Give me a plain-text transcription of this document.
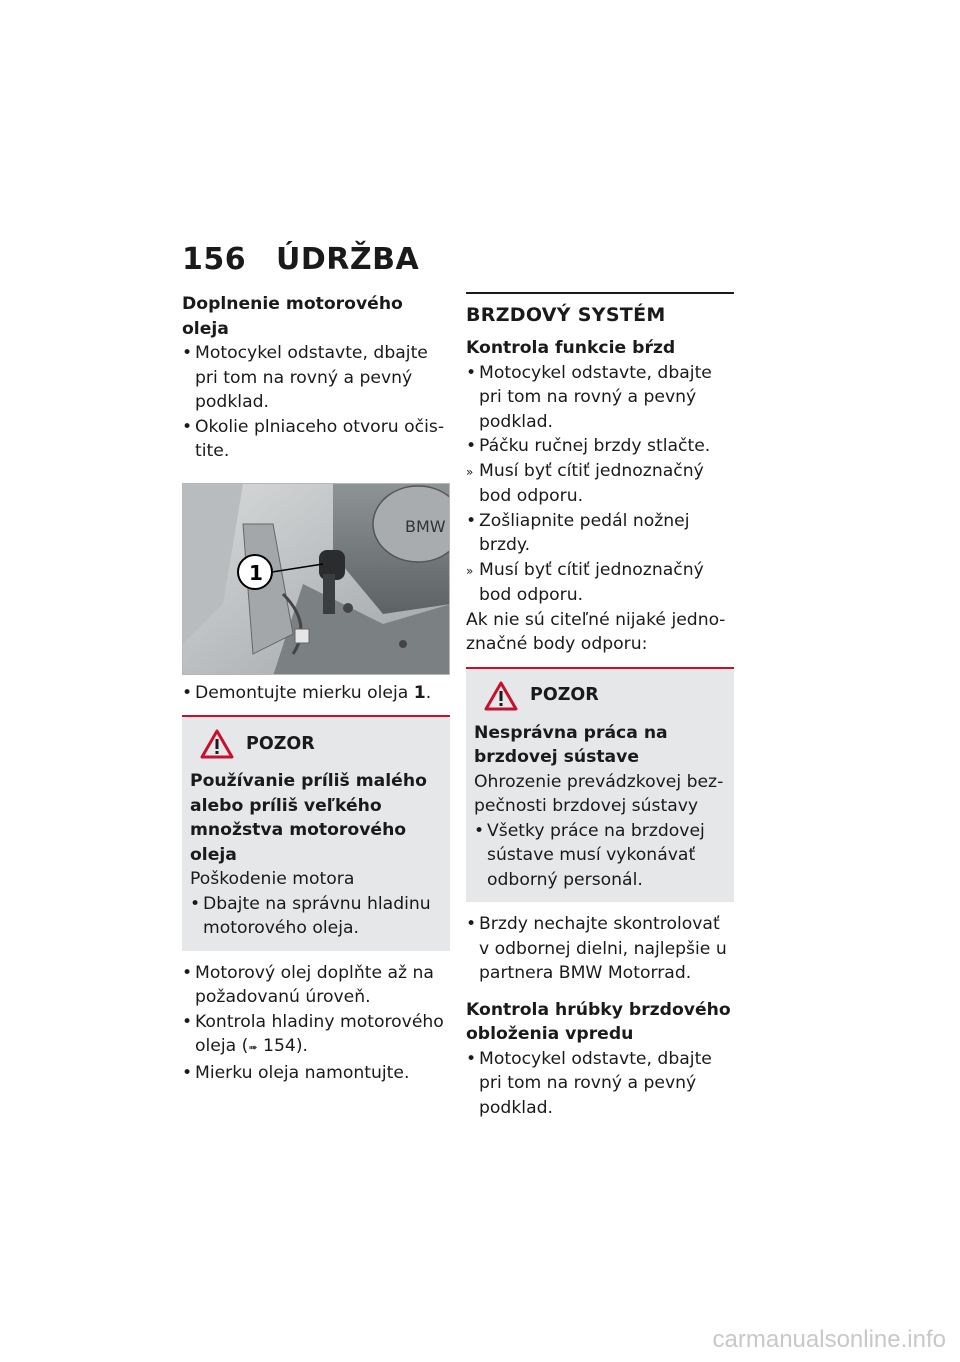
156 ÚDRŽBA
Doplnenie motorového oleja

• Motocykel odstavte, dbajte pri tom na rovný a pevný podklad.

• Okolie plniaceho otvoru očistite.

BMW
1

• Demontujte mierku oleja 1.

POZOR

Používanie príliš malého alebo príliš veľkého množstva motorového oleja

Poškodenie motora

• Dbajte na správnu hladinu motorového oleja.

• Motorový olej doplňte až na požadovanú úroveň.

• Kontrola hladiny motorového oleja (➠ 154).

• Mierku oleja namontujte.

BRZDOVÝ SYSTÉM
Kontrola funkcie bŕzd

• Motocykel odstavte, dbajte pri tom na rovný a pevný podklad.

• Páčku ručnej brzdy stlačte.

» Musí byť cítiť jednoznačný bod odporu.

• Zošliapnite pedál nožnej brzdy.

» Musí byť cítiť jednoznačný bod odporu.

Ak nie sú citeľné nijaké jednoznačné body odporu:

POZOR

Nesprávna práca na brzdovej sústave

Ohrozenie prevádzkovej bezpečnosti brzdovej sústavy

• Všetky práce na brzdovej sústave musí vykonávať odborný personál.

• Brzdy nechajte skontrolovať v odbornej dielni, najlepšie u partnera BMW Motorrad.

Kontrola hrúbky brzdového obloženia vpredu

• Motocykel odstavte, dbajte pri tom na rovný a pevný podklad.

carmanualsonline.info
